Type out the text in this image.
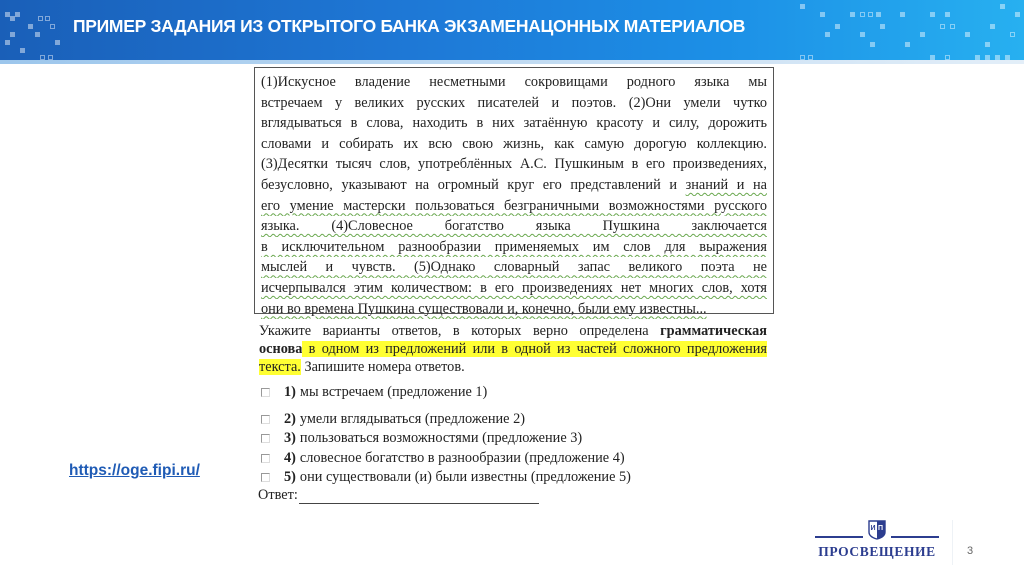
ПРИМЕР ЗАДАНИЯ ИЗ ОТКРЫТОГО БАНКА ЭКЗАМЕНАЦОННЫХ МАТЕРИАЛОВ
(1)Искусное владение несметными сокровищами родного языка мы
встречаем у великих русских писателей и поэтов. (2)Они умели чутко
вглядываться в слова, находить в них затаённую красоту и силу, дорожить
словами и собирать их всю свою жизнь, как самую дорогую коллекцию.
(3)Десятки тысяч слов, употреблённых А.С. Пушкиным в его произведениях,
безусловно, указывают на огромный круг его представлений и знаний и на
его умение мастерски пользоваться безграничными возможностями русского
языка. (4)Словесное богатство языка Пушкина заключается
в исключительном разнообразии применяемых им слов для выражения
мыслей и чувств. (5)Однако словарный запас великого поэта не
исчерпывался этим количеством: в его произведениях нет многих слов, хотя
они во времена Пушкина существовали и, конечно, были ему известны...
Укажите варианты ответов, в которых верно определена грамматическая
основа в одном из предложений или в одной из частей сложного предложения
текста. Запишите номера ответов.
1) мы встречаем (предложение 1)
2) умели вглядываться (предложение 2)
3) пользоваться возможностями (предложение 3)
4) словесное богатство в разнообразии (предложение 4)
5) они существовали (и) были известны (предложение 5)
Ответ:
https://oge.fipi.ru/
И П
ПРОСВЕЩЕНИЕ	3
